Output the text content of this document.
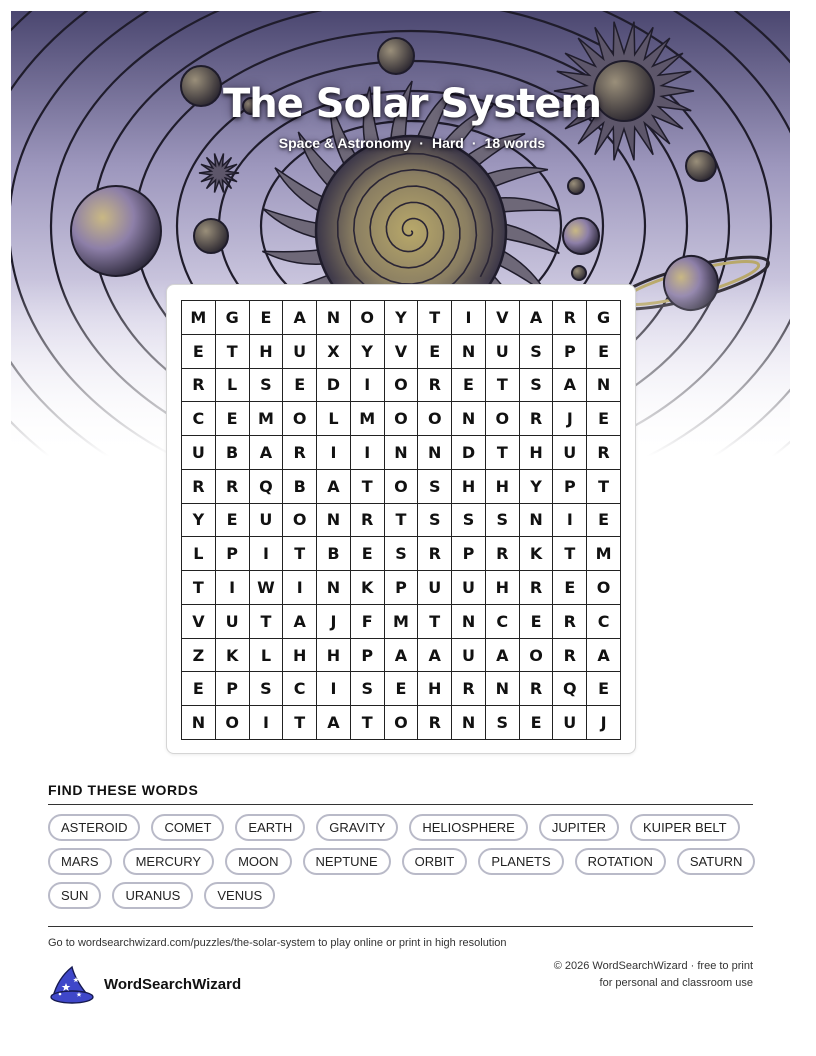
The Solar System
Space & Astronomy · Hard · 18 words
M	G	E	A	N	O	Y	T	I	V	A	R	G
E	T	H	U	X	Y	V	E	N	U	S	P	E
R	L	S	E	D	I	O	R	E	T	S	A	N
C	E	M	O	L	M	O	O	N	O	R	J	E
U	B	A	R	I	I	N	N	D	T	H	U	R
R	R	Q	B	A	T	O	S	H	H	Y	P	T
Y	E	U	O	N	R	T	S	S	S	N	I	E
L	P	I	T	B	E	S	R	P	R	K	T	M
T	I	W	I	N	K	P	U	U	H	R	E	O
V	U	T	A	J	F	M	T	N	C	E	R	C
Z	K	L	H	H	P	A	A	U	A	O	R	A
E	P	S	C	I	S	E	H	R	N	R	Q	E
N	O	I	T	A	T	O	R	N	S	E	U	J
FIND THESE WORDS
ASTEROID	COMET	EARTH	GRAVITY	HELIOSPHERE	JUPITER	KUIPER BELT
MARS	MERCURY	MOON	NEPTUNE	ORBIT	PLANETS	ROTATION	SATURN
SUN	URANUS	VENUS
Go to wordsearchwizard.com/puzzles/the-solar-system to play online or print in high resolution
WordSearchWizard
© 2026 WordSearchWizard · free to print for personal and classroom use
